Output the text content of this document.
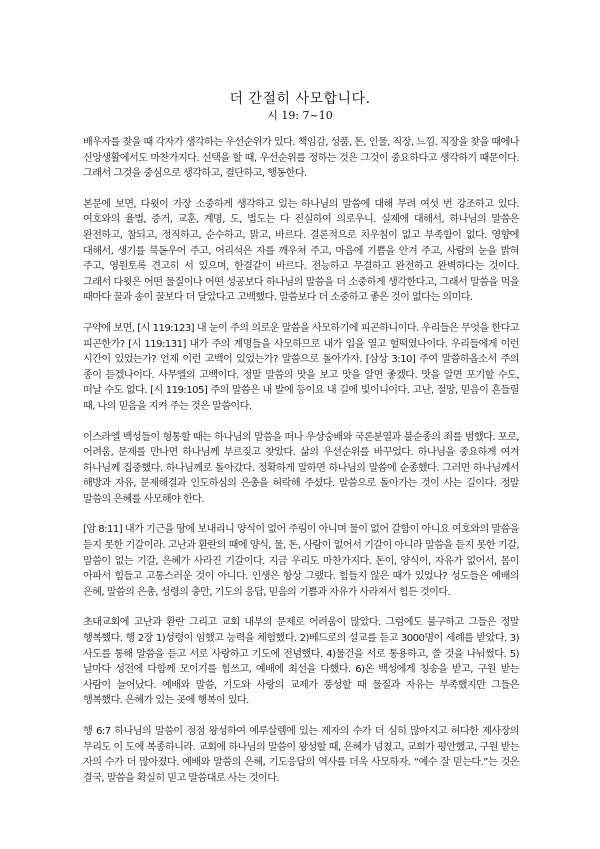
더 간절히 사모합니다.
시 19: 7~10

배우자를 찾을 때 각자가 생각하는 우선순위가 있다. 책임감, 성품, 돈, 인물, 직장, 느낌. 직장을 찾을 때에나 신앙생활에서도 마찬가지다. 선택을 할 때, 우선순위를 정하는 것은 그것이 중요하다고 생각하기 때문이다. 그래서 그것을 중심으로 생각하고, 결단하고, 행동한다.

본문에 보면, 다윗이 가장 소중하게 생각하고 있는 하나님의 말씀에 대해 무려 여섯 번 강조하고 있다. 여호와의 율법, 증거, 교훈, 계명, 도, 법도는 다 진실하여 의로우니. 실제에 대해서, 하나님의 말씀은 완전하고, 참되고, 정직하고, 순수하고, 맑고, 바르다. 결론적으로 치우침이 없고 부족함이 없다. 영향에 대해서, 생기를 북돋우어 주고, 어리석은 자를 깨우쳐 주고, 마음에 기쁨을 안겨 주고, 사람의 눈을 밝혀 주고, 영원토록 견고히 서 있으며, 한결같이 바르다. 전능하고 무결하고 완전하고 완벽하다는 것이다. 그래서 다윗은 어떤 물질이나 어떤 성공보다 하나님의 말씀을 더 소중하게 생각한다고, 그래서 말씀을 먹을 때마다 꿀과 송이 꿀보다 더 달았다고 고백했다. 말씀보다 더 소중하고 좋은 것이 없다는 의미다.

구약에 보면, [시 119:123] 내 눈이 주의 의로운 말씀을 사모하기에 피곤하니이다. 우리들은 무엇을 한다고 피곤한가? [시 119:131] 내가 주의 계명들을 사모하므로 내가 입을 열고 헐떡였나이다. 우리들에게 이런 시간이 있었는가? 언제 이런 고백이 있었는가? 말씀으로 돌아가자. [삼상 3:10] 주여 말씀하옵소서 주의 종이 듣겠나이다. 사무엘의 고백이다. 정말 말씀의 맛을 보고 맛을 알면 좋겠다. 맛을 알면 포기할 수도, 떠날 수도 없다. [시 119:105] 주의 말씀은 내 발에 등이요 내 길에 빛이니이다. 고난, 절망, 믿음이 흔들릴 때, 나의 믿음을 지켜 주는 것은 말씀이다.

이스라엘 백성들이 형통할 때는 하나님의 말씀을 떠나 우상숭배와 국론분열과 불순종의 죄를 범했다. 포로, 어려움, 문제를 만나면 하나님께 부르짖고 찾았다. 삶의 우선순위를 바꾸었다. 하나님을 중요하게 여겨 하나님께 집중했다. 하나님께로 돌아갔다. 정확하게 말하면 하나님의 말씀에 순종했다. 그러면 하나님께서 해방과 자유, 문제해결과 인도하심의 은총을 허락해 주셨다. 말씀으로 돌아가는 것이 사는 길이다. 정말 말씀의 은혜를 사모해야 한다.

[암 8:11] 내가 기근을 땅에 보내리니 양식이 없어 주림이 아니며 물이 없어 갈함이 아니요 여호와의 말씀을 듣지 못한 기갈이라. 고난과 환란의 때에 양식, 물, 돈, 사람이 없어서 기갈이 아니라 말씀을 듣지 못한 기갈, 말씀이 없는 기갈, 은혜가 사라진 기갈이다. 지금 우리도 마찬가지다. 돈이, 양식이, 자유가 없어서, 몸이 아파서 힘들고 고통스러운 것이 아니다. 인생은 항상 그랬다. 힘들지 않은 때가 있었나? 성도들은 예배의 은혜, 말씀의 은총, 성령의 충만, 기도의 응답, 믿음의 기쁨과 자유가 사라져서 힘든 것이다.

초대교회에 고난과 환란 그리고 교회 내부의 문제로 어려움이 많았다. 그럼에도 불구하고 그들은 정말 행복했다. 행 2장 1)성령이 임했고 능력을 체험했다. 2)베드로의 설교를 듣고 3000명이 세례를 받았다. 3)사도를 통해 말씀을 듣고 서로 사랑하고 기도에 전념했다. 4)물건을 서로 통용하고, 쓸 것을 나눠썼다. 5)날마다 성전에 다함께 모이기를 힘쓰고, 예배에 최선을 다했다. 6)온 백성에게 칭송을 받고, 구원 받는 사람이 늘어났다. 예배와 말씀, 기도와 사랑의 교제가 풍성할 때 물질과 자유는 부족했지만 그들은 행복했다. 은혜가 있는 곳에 행복이 있다.

행 6:7 하나님의 말씀이 점점 왕성하여 예루살렘에 있는 제자의 수가 더 심히 많아지고 허다한 제사장의 무리도 이 도에 복종하니라. 교회에 하나님의 말씀이 왕성할 때, 은혜가 넘쳤고, 교회가 평안했고, 구원 받는 자의 수가 더 많아졌다. 예배와 말씀의 은혜, 기도응답의 역사를 더욱 사모하자. “예수 잘 믿는다.”는 것은 결국, 말씀을 확실히 믿고 말씀대로 사는 것이다.
